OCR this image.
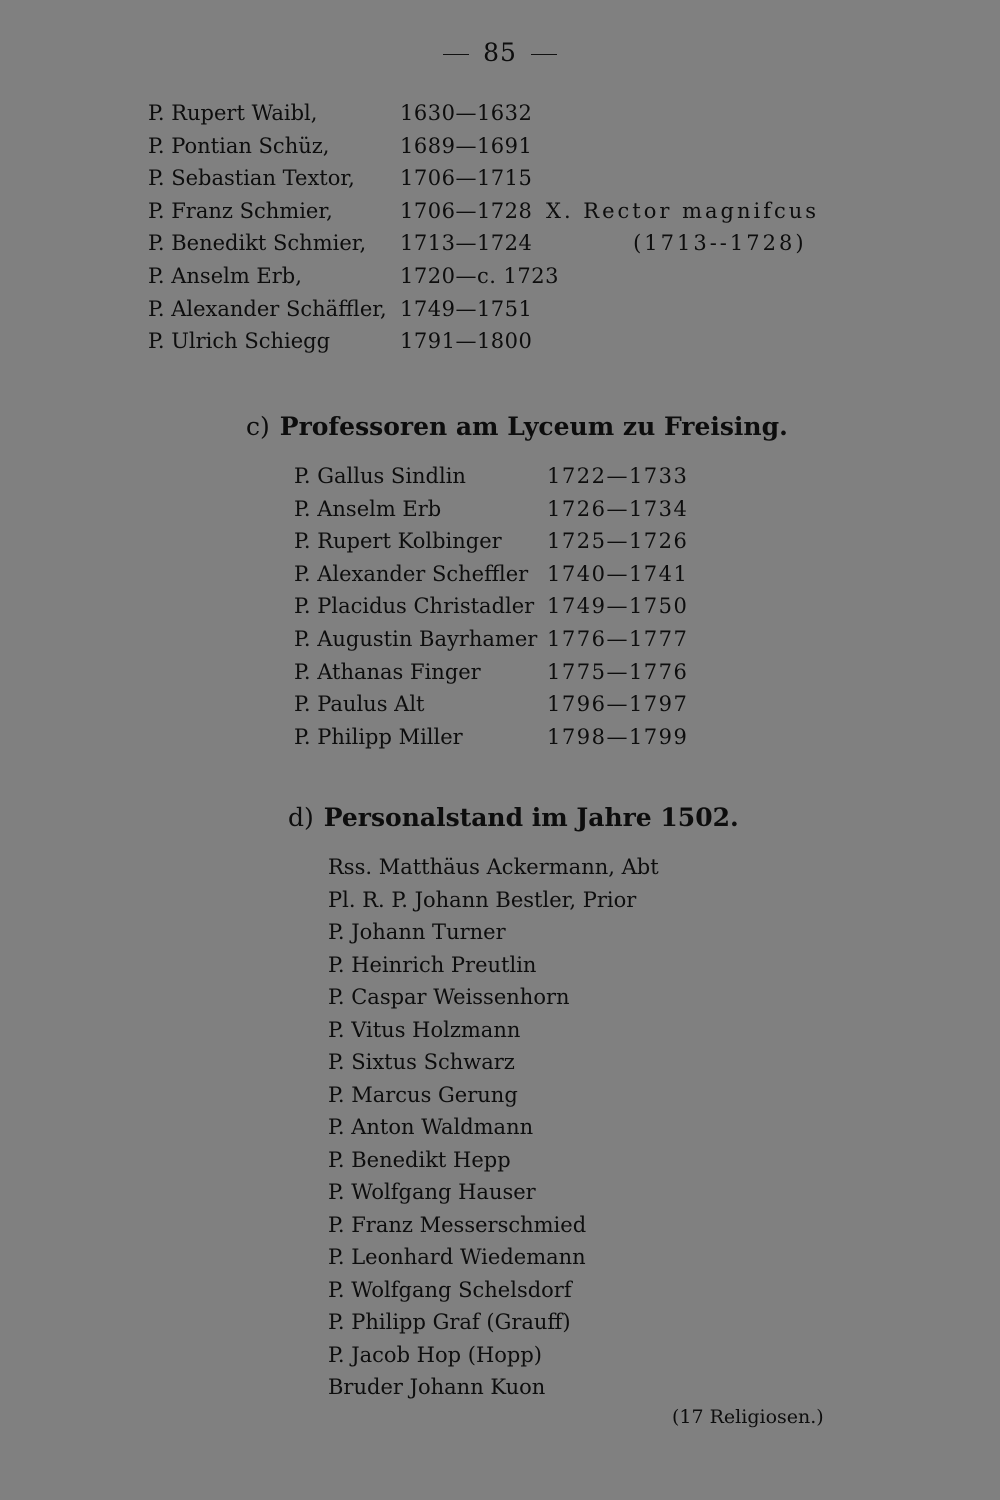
85
P. Rupert Waibl,	1630—1632
P. Pontian Schüz,	1689—1691
P. Sebastian Textor, 1706—1715
P. Franz Schmier,	1706—1728 X. Rector magnifcus
P. Benedikt Schmier, 1713—1724 (1713--1728)
P. Anselm Erb,	1720—c. 1723
P. Alexander Schäffler, 1749—1751
P. Ulrich Schiegg	1791—1800
c) Professoren am Lyceum zu Freising.
P. Gallus Sindlin	1722—1733
P. Anselm Erb	1726—1734
P. Rupert Kolbinger 1725—1726
P. Alexander Scheffler 1740—1741
P. Placidus Christadler 1749—1750
P. Augustin Bayrhamer 1776—1777
P. Athanas Finger	1775—1776
P. Paulus Alt	1796—1797
P. Philipp Miller	1798—1799
d) Personalstand im Jahre 1502.
Rss. Matthäus Ackermann, Abt
Pl. R. P. Johann Bestler, Prior
P. Johann Turner
P. Heinrich Preutlin
P. Caspar Weissenhorn
P. Vitus Holzmann
P. Sixtus Schwarz
P. Marcus Gerung
P. Anton Waldmann
P. Benedikt Hepp
P. Wolfgang Hauser
P. Franz Messerschmied
P. Leonhard Wiedemann
P. Wolfgang Schelsdorf
P. Philipp Graf (Grauff)
P. Jacob Hop (Hopp)
Bruder Johann Kuon
(17 Religiosen.)
